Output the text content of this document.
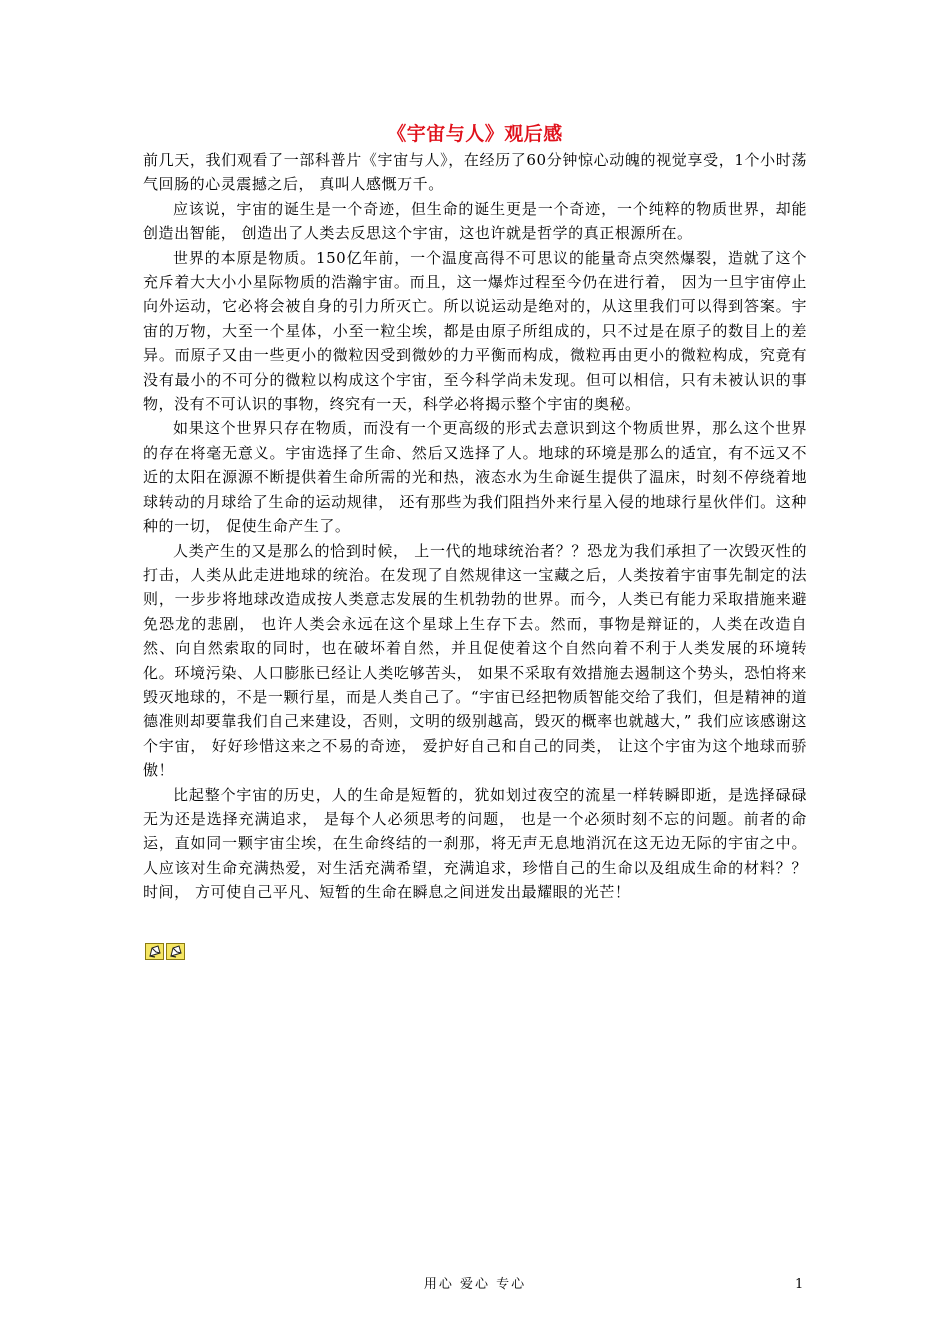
《宇宙与人》观后感

前几天，我们观看了一部科普片《宇宙与人》，在经历了60分钟惊心动魄的视觉享受，1个小时荡气回肠的心灵震撼之后， 真叫人感慨万千。

应该说，宇宙的诞生是一个奇迹，但生命的诞生更是一个奇迹，一个纯粹的物质世界，却能创造出智能， 创造出了人类去反思这个宇宙，这也许就是哲学的真正根源所在。

世界的本原是物质。150亿年前，一个温度高得不可思议的能量奇点突然爆裂，造就了这个充斥着大大小小星际物质的浩瀚宇宙。而且，这一爆炸过程至今仍在进行着， 因为一旦宇宙停止向外运动，它必将会被自身的引力所灭亡。所以说运动是绝对的，从这里我们可以得到答案。宇宙的万物，大至一个星体，小至一粒尘埃，都是由原子所组成的，只不过是在原子的数目上的差异。而原子又由一些更小的微粒因受到微妙的力平衡而构成，微粒再由更小的微粒构成，究竟有没有最小的不可分的微粒以构成这个宇宙，至今科学尚未发现。但可以相信，只有未被认识的事物，没有不可认识的事物，终究有一天，科学必将揭示整个宇宙的奥秘。

如果这个世界只存在物质，而没有一个更高级的形式去意识到这个物质世界，那么这个世界的存在将毫无意义。宇宙选择了生命、然后又选择了人。地球的环境是那么的适宜，有不远又不近的太阳在源源不断提供着生命所需的光和热，液态水为生命诞生提供了温床，时刻不停绕着地球转动的月球给了生命的运动规律， 还有那些为我们阻挡外来行星入侵的地球行星伙伴们。这种种的一切， 促使生命产生了。

人类产生的又是那么的恰到时候， 上一代的地球统治者？？恐龙为我们承担了一次毁灭性的打击，人类从此走进地球的统治。在发现了自然规律这一宝藏之后，人类按着宇宙事先制定的法则，一步步将地球改造成按人类意志发展的生机勃勃的世界。而今，人类已有能力采取措施来避免恐龙的悲剧， 也许人类会永远在这个星球上生存下去。然而，事物是辩证的，人类在改造自然、向自然索取的同时，也在破坏着自然，并且促使着这个自然向着不利于人类发展的环境转化。环境污染、人口膨胀已经让人类吃够苦头， 如果不采取有效措施去遏制这个势头，恐怕将来毁灭地球的，不是一颗行星，而是人类自己了。“宇宙已经把物质智能交给了我们，但是精神的道德准则却要靠我们自己来建设，否则，文明的级别越高，毁灭的概率也就越大，” 我们应该感谢这个宇宙， 好好珍惜这来之不易的奇迹， 爱护好自己和自己的同类， 让这个宇宙为这个地球而骄傲！

比起整个宇宙的历史，人的生命是短暂的，犹如划过夜空的流星一样转瞬即逝，是选择碌碌无为还是选择充满追求， 是每个人必须思考的问题， 也是一个必须时刻不忘的问题。前者的命运，直如同一颗宇宙尘埃，在生命终结的一刹那，将无声无息地消沉在这无边无际的宇宙之中。人应该对生命充满热爱，对生活充满希望，充满追求，珍惜自己的生命以及组成生命的材料？？时间， 方可使自己平凡、短暂的生命在瞬息之间迸发出最耀眼的光芒！

用心 爱心 专心	1
